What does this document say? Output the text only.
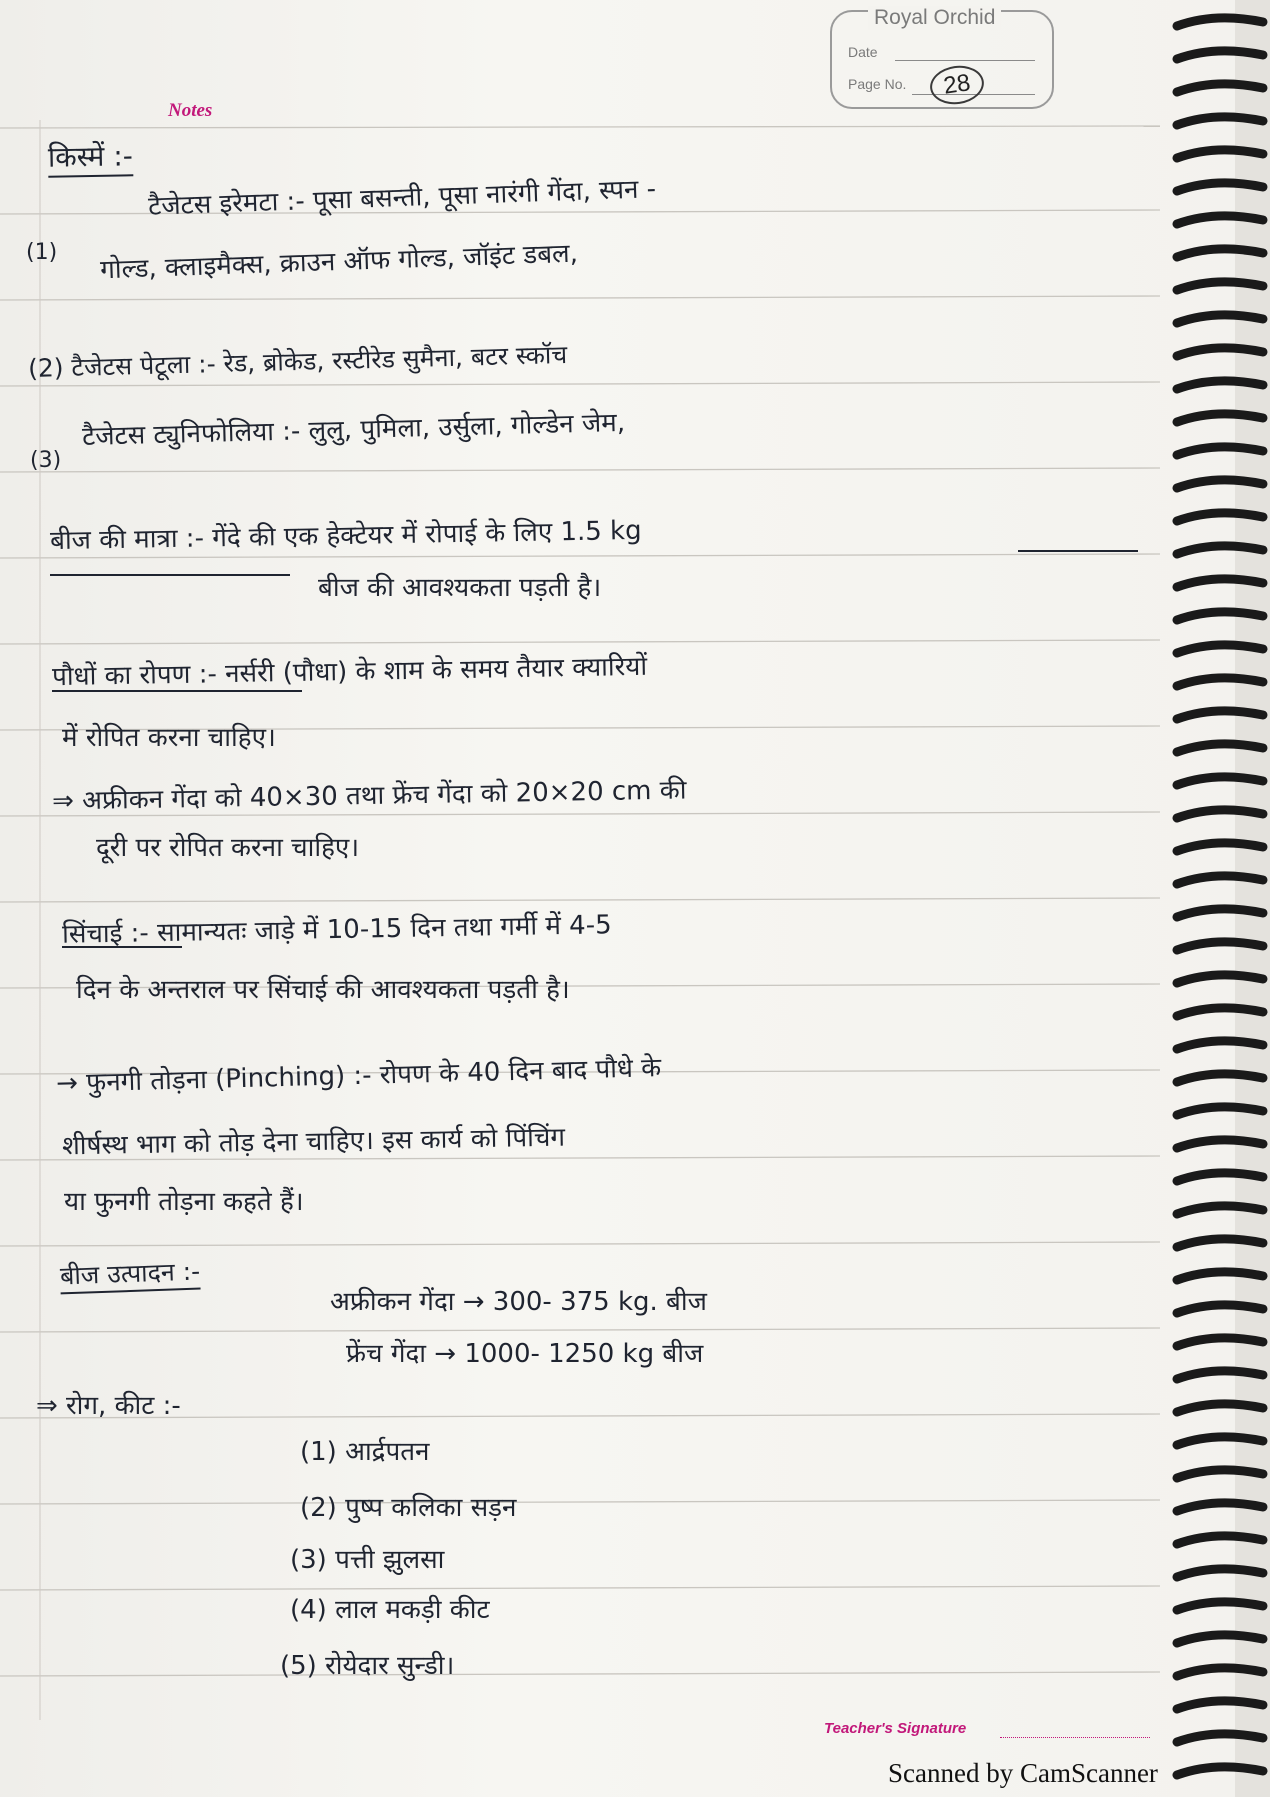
Royal Orchid
Date
Page No.	28
Notes
किस्में :-
टैजेटस इरेमटा :- पूसा बसन्ती, पूसा नारंगी गेंदा, स्पन -
(1) गोल्ड, क्लाइमैक्स, क्राउन ऑफ गोल्ड, जॉइंट डबल,
(2) टैजेटस पेटूला :- रेड, ब्रोकेड, रस्टीरेड सुमैना, बटर स्कॉच
टैजेटस ट्युनिफोलिया :- लुलु, पुमिला, उर्सुला, गोल्डेन जेम,
(3)
बीज की मात्रा :- गेंदे की एक हेक्टेयर में रोपाई के लिए 1.5 kg
बीज की आवश्यकता पड़ती है।
पौधों का रोपण :- नर्सरी (पौधा) के शाम के समय तैयार क्यारियों
में रोपित करना चाहिए।
⇒ अफ्रीकन गेंदा को 40×30 तथा फ्रेंच गेंदा को 20×20 cm की
दूरी पर रोपित करना चाहिए।
सिंचाई :- सामान्यतः जाड़े में 10-15 दिन तथा गर्मी में 4-5
दिन के अन्तराल पर सिंचाई की आवश्यकता पड़ती है।
→ फुनगी तोड़ना (Pinching) :- रोपण के 40 दिन बाद पौधे के
शीर्षस्थ भाग को तोड़ देना चाहिए। इस कार्य को पिंचिंग
या फुनगी तोड़ना कहते हैं।
बीज उत्पादन :-
अफ्रीकन गेंदा → 300- 375 kg. बीज
फ्रेंच गेंदा → 1000- 1250 kg बीज
⇒ रोग, कीट :-
(1) आर्द्रपतन
(2) पुष्प कलिका सड़न
(3) पत्ती झुलसा
(4) लाल मकड़ी कीट
(5) रोयेदार सुन्डी।
Teacher's Signature
Scanned by CamScanner
